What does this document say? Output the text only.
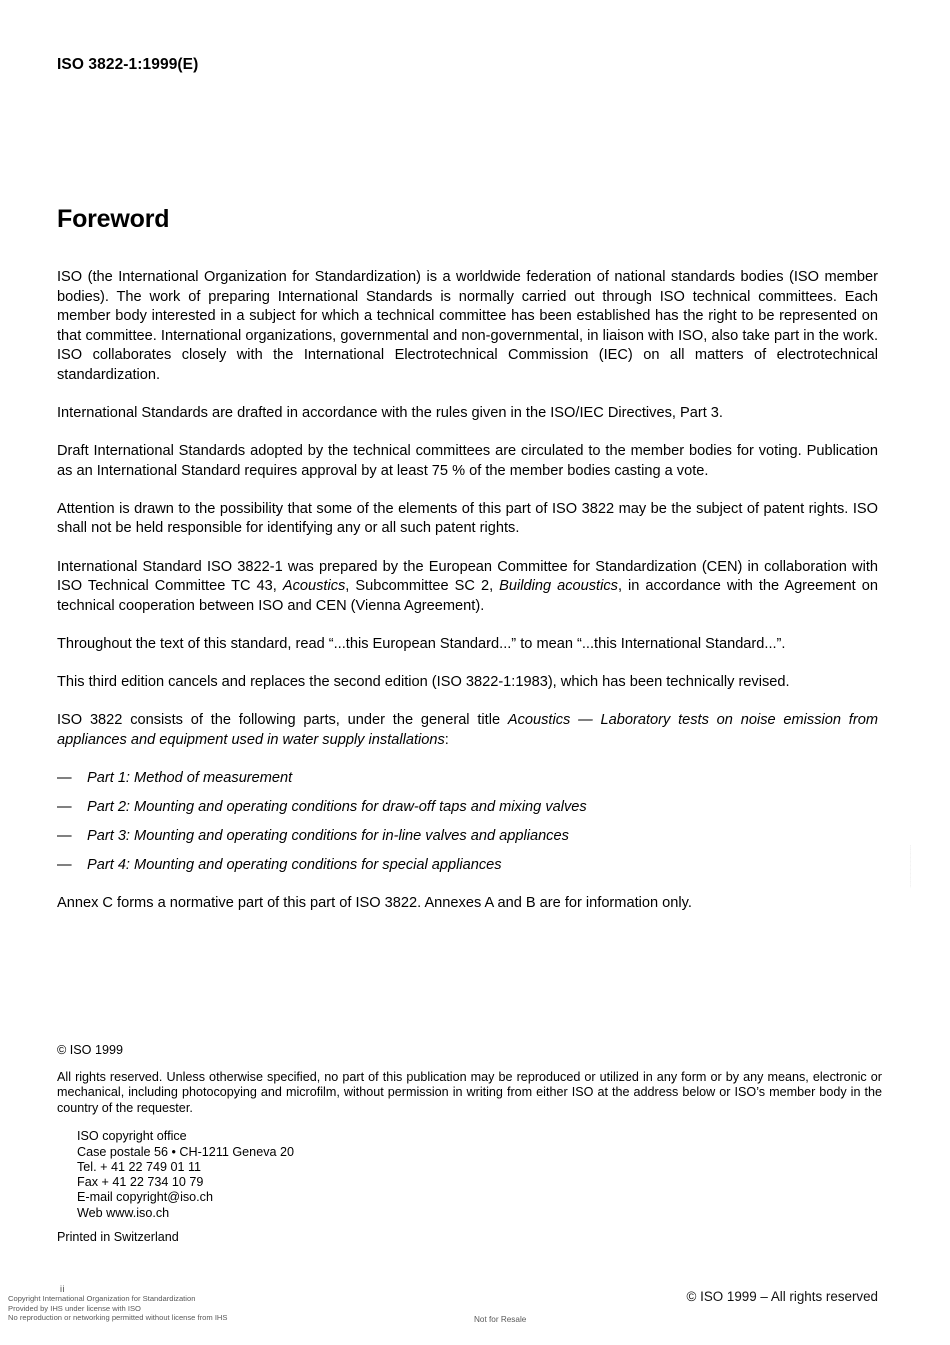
ISO 3822-1:1999(E)
Foreword

ISO (the International Organization for Standardization) is a worldwide federation of national standards bodies (ISO member bodies). The work of preparing International Standards is normally carried out through ISO technical committees. Each member body interested in a subject for which a technical committee has been established has the right to be represented on that committee. International organizations, governmental and non-governmental, in liaison with ISO, also take part in the work. ISO collaborates closely with the International Electrotechnical Commission (IEC) on all matters of electrotechnical standardization.

International Standards are drafted in accordance with the rules given in the ISO/IEC Directives, Part 3.

Draft International Standards adopted by the technical committees are circulated to the member bodies for voting. Publication as an International Standard requires approval by at least 75 % of the member bodies casting a vote.

Attention is drawn to the possibility that some of the elements of this part of ISO 3822 may be the subject of patent rights. ISO shall not be held responsible for identifying any or all such patent rights.

International Standard ISO 3822-1 was prepared by the European Committee for Standardization (CEN) in collaboration with ISO Technical Committee TC 43, Acoustics, Subcommittee SC 2, Building acoustics, in accordance with the Agreement on technical cooperation between ISO and CEN (Vienna Agreement).

Throughout the text of this standard, read “...this European Standard...” to mean “...this International Standard...”.

This third edition cancels and replaces the second edition (ISO 3822-1:1983), which has been technically revised.

ISO 3822 consists of the following parts, under the general title Acoustics — Laboratory tests on noise emission from appliances and equipment used in water supply installations:

— Part 1: Method of measurement
— Part 2: Mounting and operating conditions for draw-off taps and mixing valves
— Part 3: Mounting and operating conditions for in-line valves and appliances
— Part 4: Mounting and operating conditions for special appliances

Annex C forms a normative part of this part of ISO 3822. Annexes A and B are for information only.

--------------------------------
© ISO 1999
All rights reserved. Unless otherwise specified, no part of this publication may be reproduced or utilized in any form or by any means, electronic or mechanical, including photocopying and microfilm, without permission in writing from either ISO at the address below or ISO’s member body in the country of the requester.
ISO copyright office
Case postale 56 • CH-1211 Geneva 20
Tel. + 41 22 749 01 11
Fax + 41 22 734 10 79
E-mail copyright@iso.ch
Web www.iso.ch
Printed in Switzerland
ii
Copyright International Organization for Standardization
Provided by IHS under license with ISO
No reproduction or networking permitted without license from IHS	Not for Resale
© ISO 1999 – All rights reserved
